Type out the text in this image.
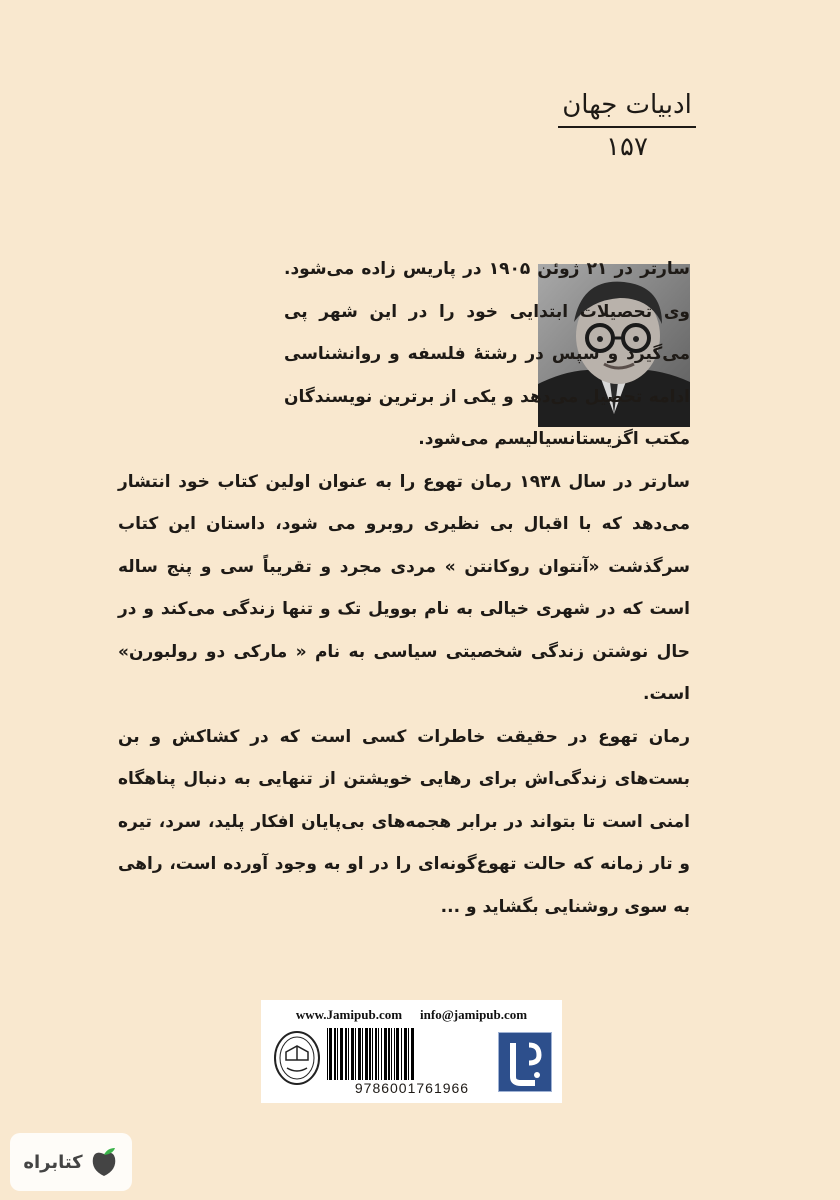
ادبیات جهان
۱۵۷

سارتر در ۲۱ ژوئن ۱۹۰۵ در پاریس زاده می‌شود. وی تحصیلات ابتدایی خود را در این شهر پی می‌گیرد و سپس در رشتهٔ فلسفه و روانشناسی ادامه تحصیل می‌دهد و یکی از برترین نویسندگان مکتب اگزیستانسیالیسم می‌شود.

سارتر در سال ۱۹۳۸ رمان تهوع را به عنوان اولین کتاب خود انتشار می‌دهد که با اقبال بی نظیری روبرو می شود، داستان این کتاب سرگذشت «آنتوان روکانتن » مردی مجرد و تقریباً سی و پنج ساله است که در شهری خیالی به نام بوویل تک و تنها زندگی می‌کند و در حال نوشتن زندگی شخصیتی سیاسی به نام « مارکی دو رولبورن» است.

رمان تهوع در حقیقت خاطرات کسی است که در کشاکش و بن بست‌های زندگی‌اش برای رهایی خویشتن از تنهایی به دنبال پناهگاه امنی است تا بتواند در برابر هجمه‌های بی‌پایان افکار پلید، سرد، تیره و تار زمانه که حالت تهوع‌گونه‌ای را در او به وجود آورده است، راهی به سوی روشنایی بگشاید و ...

www.Jamipub.com info@jamipub.com
9786001761966
کتابراه
